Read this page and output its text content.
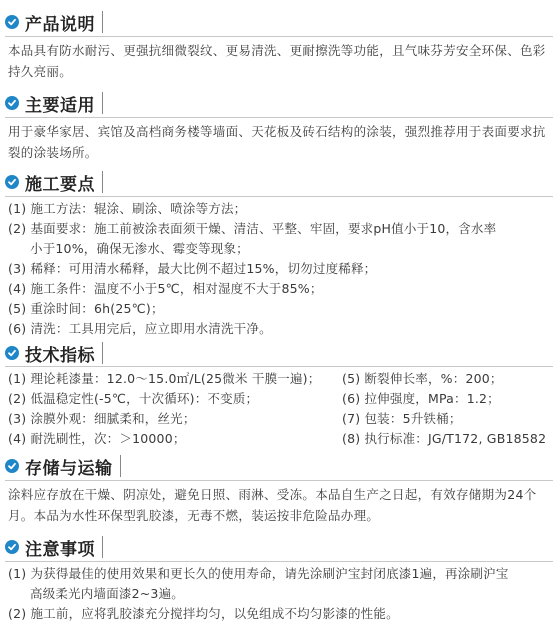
产品说明
本品具有防水耐污、更强抗细微裂纹、更易清洗、更耐擦洗等功能，且气味芬芳安全环保、色彩持久亮丽。
主要适用
用于豪华家居、宾馆及高档商务楼等墙面、天花板及砖石结构的涂装，强烈推荐用于表面要求抗裂的涂装场所。
施工要点
(1) 施工方法：辊涂、刷涂、喷涂等方法；
(2) 基面要求：施工前被涂表面须干燥、清洁、平整、牢固，要求pH值小于10，含水率
小于10%，确保无渗水、霉变等现象；
(3) 稀释：可用清水稀释，最大比例不超过15%，切勿过度稀释；
(4) 施工条件：温度不小于5℃，相对湿度不大于85%；
(5) 重涂时间：6h(25℃)；
(6) 清洗：工具用完后，应立即用水清洗干净。
技术指标
(1) 理论耗漆量：12.0～15.0㎡/L(25微米 干膜一遍)；
(2) 低温稳定性(-5℃，十次循环)：不变质；
(3) 涂膜外观：细腻柔和，丝光；
(4) 耐洗刷性，次：＞10000；
(5) 断裂伸长率，%：200；
(6) 拉伸强度，MPa：1.2；
(7) 包装：5升铁桶；
(8) 执行标准：JG/T172, GB18582
存储与运输
涂料应存放在干燥、阴凉处，避免日照、雨淋、受冻。本品自生产之日起，有效存储期为24个月。本品为水性环保型乳胶漆，无毒不燃，装运按非危险品办理。
注意事项
(1) 为获得最佳的使用效果和更长久的使用寿命，请先涂刷沪宝封闭底漆1遍，再涂刷沪宝
高级柔光内墙面漆2~3遍。
(2) 施工前，应将乳胶漆充分搅拌均匀，以免组成不均匀影漆的性能。
